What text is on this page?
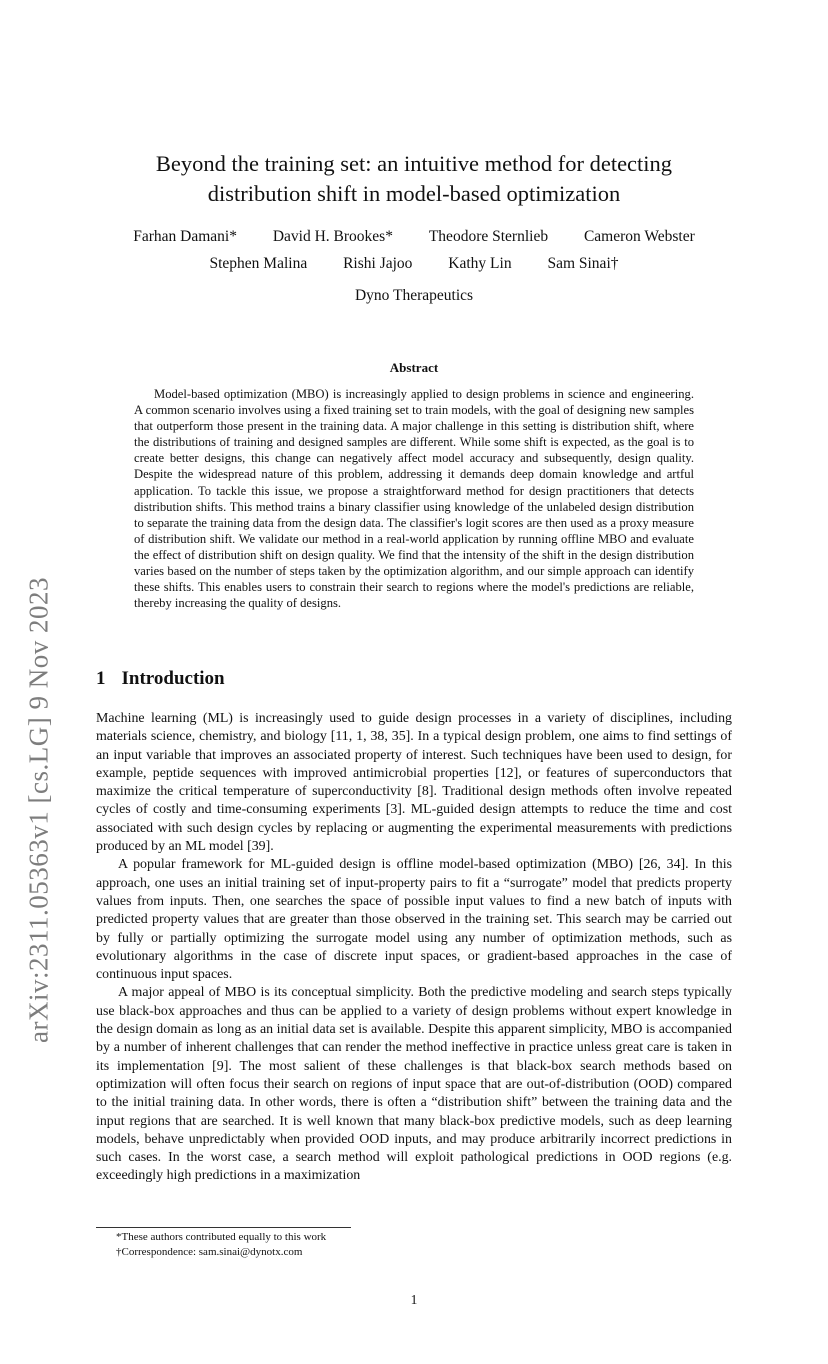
arXiv:2311.05363v1 [cs.LG] 9 Nov 2023
Beyond the training set: an intuitive method for detecting
distribution shift in model-based optimization
Farhan Damani* David H. Brookes* Theodore Sternlieb Cameron Webster
Stephen Malina Rishi Jajoo Kathy Lin Sam Sinai†
Dyno Therapeutics
Abstract

Model-based optimization (MBO) is increasingly applied to design problems in science and engineering. A common scenario involves using a fixed training set to train models, with the goal of designing new samples that outperform those present in the training data. A major challenge in this setting is distribution shift, where the distributions of training and designed samples are different. While some shift is expected, as the goal is to create better designs, this change can negatively affect model accuracy and subsequently, design quality. Despite the widespread nature of this problem, addressing it demands deep domain knowledge and artful application. To tackle this issue, we propose a straightforward method for design practitioners that detects distribution shifts. This method trains a binary classifier using knowledge of the unlabeled design distribution to separate the training data from the design data. The classifier's logit scores are then used as a proxy measure of distribution shift. We validate our method in a real-world application by running offline MBO and evaluate the effect of distribution shift on design quality. We find that the intensity of the shift in the design distribution varies based on the number of steps taken by the optimization algorithm, and our simple approach can identify these shifts. This enables users to constrain their search to regions where the model's predictions are reliable, thereby increasing the quality of designs.

1 Introduction

Machine learning (ML) is increasingly used to guide design processes in a variety of disciplines, including materials science, chemistry, and biology [11, 1, 38, 35]. In a typical design problem, one aims to find settings of an input variable that improves an associated property of interest. Such techniques have been used to design, for example, peptide sequences with improved antimicrobial properties [12], or features of superconductors that maximize the critical temperature of superconductivity [8]. Traditional design methods often involve repeated cycles of costly and time-consuming experiments [3]. ML-guided design attempts to reduce the time and cost associated with such design cycles by replacing or augmenting the experimental measurements with predictions produced by an ML model [39].

A popular framework for ML-guided design is offline model-based optimization (MBO) [26, 34]. In this approach, one uses an initial training set of input-property pairs to fit a “surrogate” model that predicts property values from inputs. Then, one searches the space of possible input values to find a new batch of inputs with predicted property values that are greater than those observed in the training set. This search may be carried out by fully or partially optimizing the surrogate model using any number of optimization methods, such as evolutionary algorithms in the case of discrete input spaces, or gradient-based approaches in the case of continuous input spaces.

A major appeal of MBO is its conceptual simplicity. Both the predictive modeling and search steps typically use black-box approaches and thus can be applied to a variety of design problems without expert knowledge in the design domain as long as an initial data set is available. Despite this apparent simplicity, MBO is accompanied by a number of inherent challenges that can render the method ineffective in practice unless great care is taken in its implementation [9]. The most salient of these challenges is that black-box search methods based on optimization will often focus their search on regions of input space that are out-of-distribution (OOD) compared to the initial training data. In other words, there is often a “distribution shift” between the training data and the input regions that are searched. It is well known that many black-box predictive models, such as deep learning models, behave unpredictably when provided OOD inputs, and may produce arbitrarily incorrect predictions in such cases. In the worst case, a search method will exploit pathological predictions in OOD regions (e.g. exceedingly high predictions in a maximization

*These authors contributed equally to this work
†Correspondence: sam.sinai@dynotx.com
1
